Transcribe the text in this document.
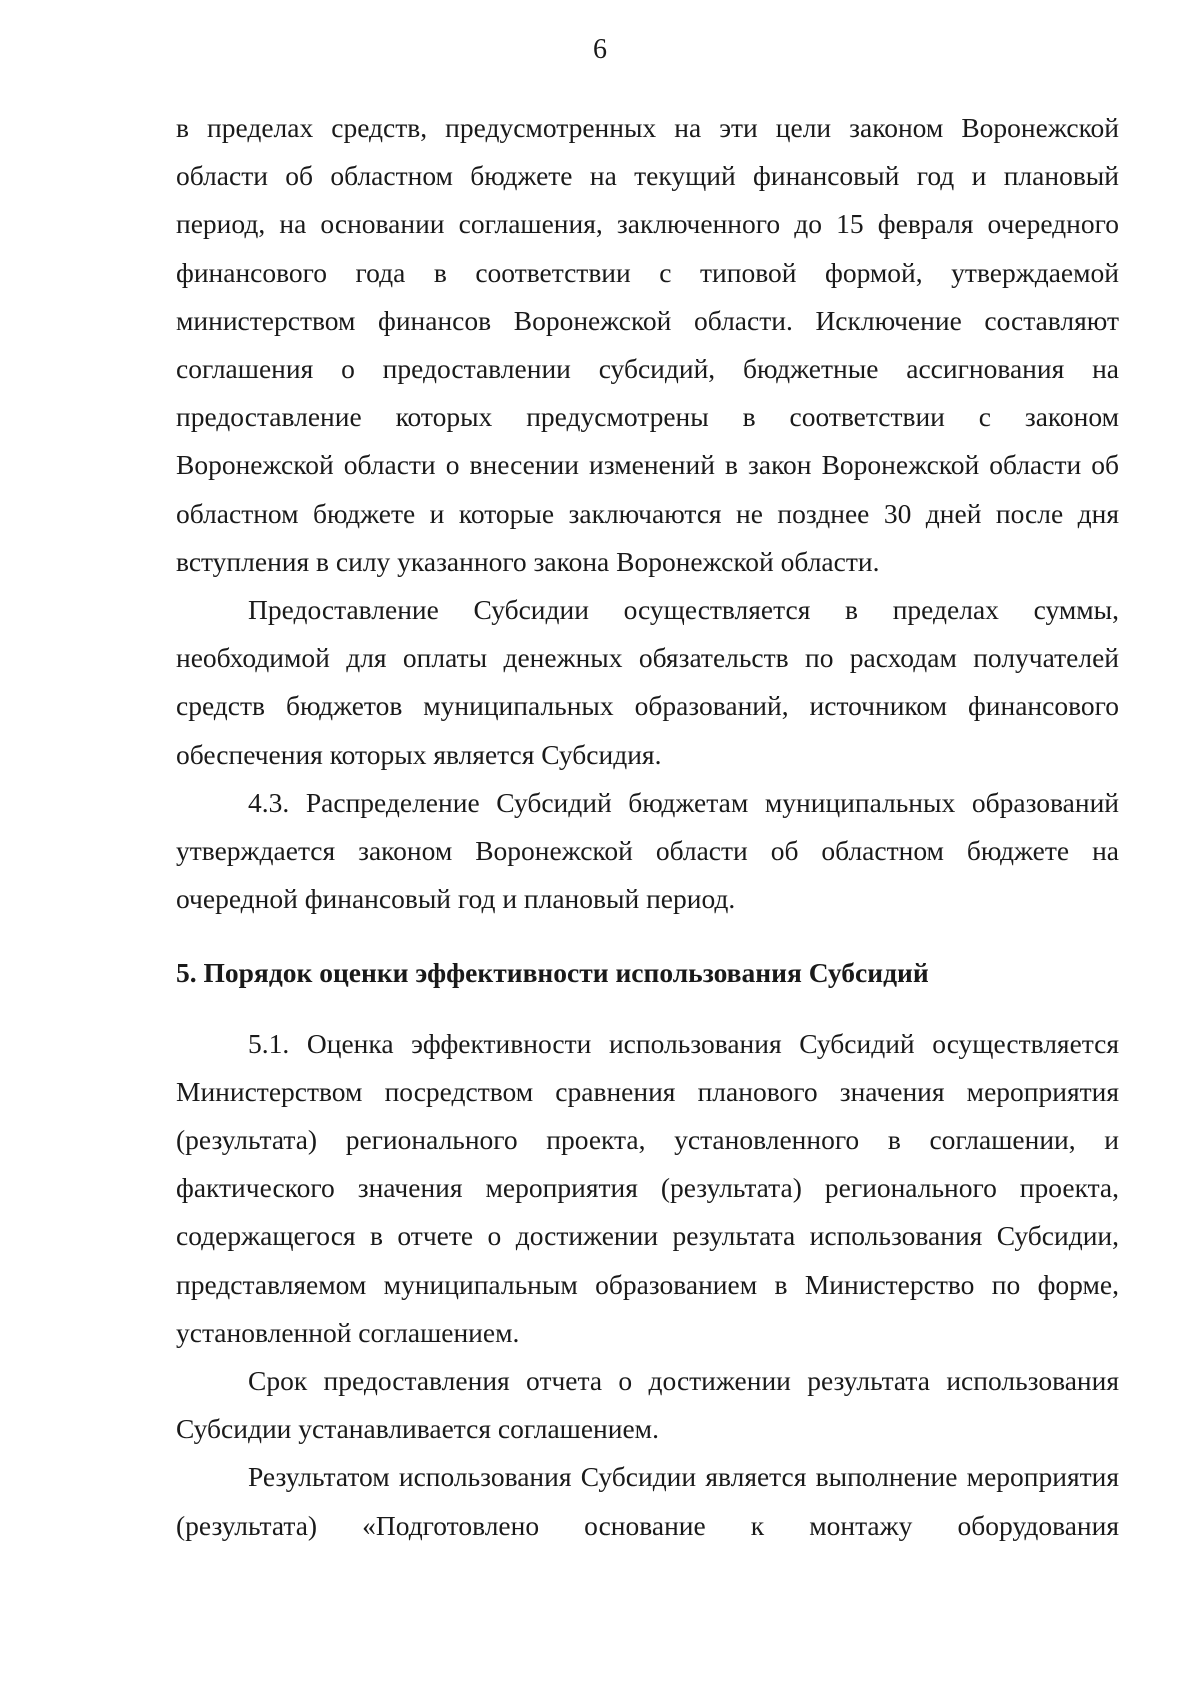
6

в пределах средств, предусмотренных на эти цели законом Воронежской области об областном бюджете на текущий финансовый год и плановый период, на основании соглашения, заключенного до 15 февраля очередного финансового года в соответствии с типовой формой, утверждаемой министерством финансов Воронежской области. Исключение составляют соглашения о предоставлении субсидий, бюджетные ассигнования на предоставление которых предусмотрены в соответствии с законом Воронежской области о внесении изменений в закон Воронежской области об областном бюджете и которые заключаются не позднее 30 дней после дня вступления в силу указанного закона Воронежской области.

Предоставление Субсидии осуществляется в пределах суммы, необходимой для оплаты денежных обязательств по расходам получателей средств бюджетов муниципальных образований, источником финансового обеспечения которых является Субсидия.

4.3. Распределение Субсидий бюджетам муниципальных образований утверждается законом Воронежской области об областном бюджете на очередной финансовый год и плановый период.

5. Порядок оценки эффективности использования Субсидий

5.1. Оценка эффективности использования Субсидий осуществляется Министерством посредством сравнения планового значения мероприятия (результата) регионального проекта, установленного в соглашении, и фактического значения мероприятия (результата) регионального проекта, содержащегося в отчете о достижении результата использования Субсидии, представляемом муниципальным образованием в Министерство по форме, установленной соглашением.

Срок предоставления отчета о достижении результата использования Субсидии устанавливается соглашением.

Результатом использования Субсидии является выполнение мероприятия (результата) «Подготовлено основание к монтажу оборудования
